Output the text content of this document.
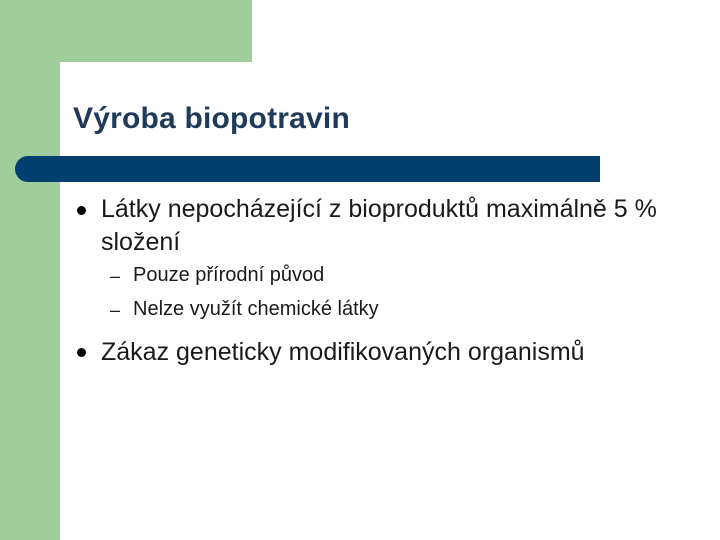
Výroba biopotravin
Látky nepocházející z bioproduktů maximálně 5 % složení
– Pouze přírodní původ
– Nelze využít chemické látky
Zákaz geneticky modifikovaných organismů
